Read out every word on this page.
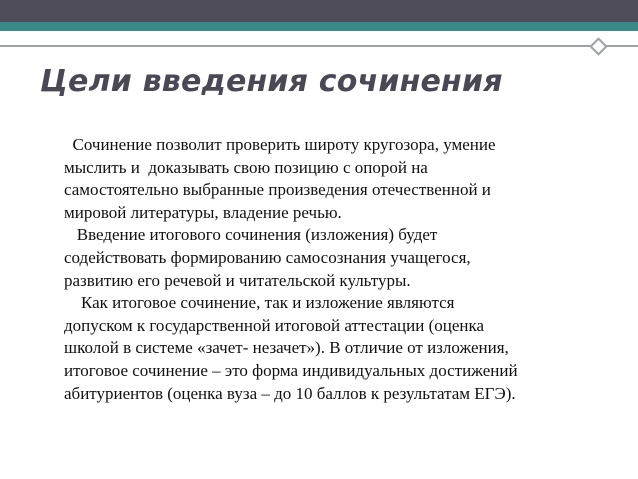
Цели введения сочинения
Сочинение позволит проверить широту кругозора, умение
мыслить и  доказывать свою позицию с опорой на
самостоятельно выбранные произведения отечественной и
мировой литературы, владение речью.
Введение итогового сочинения (изложения) будет
содействовать формированию самосознания учащегося,
развитию его речевой и читательской культуры.
Как итоговое сочинение, так и изложение являются
допуском к государственной итоговой аттестации (оценка
школой в системе «зачет- незачет»). В отличие от изложения,
итоговое сочинение – это форма индивидуальных достижений
абитуриентов (оценка вуза – до 10 баллов к результатам ЕГЭ).
